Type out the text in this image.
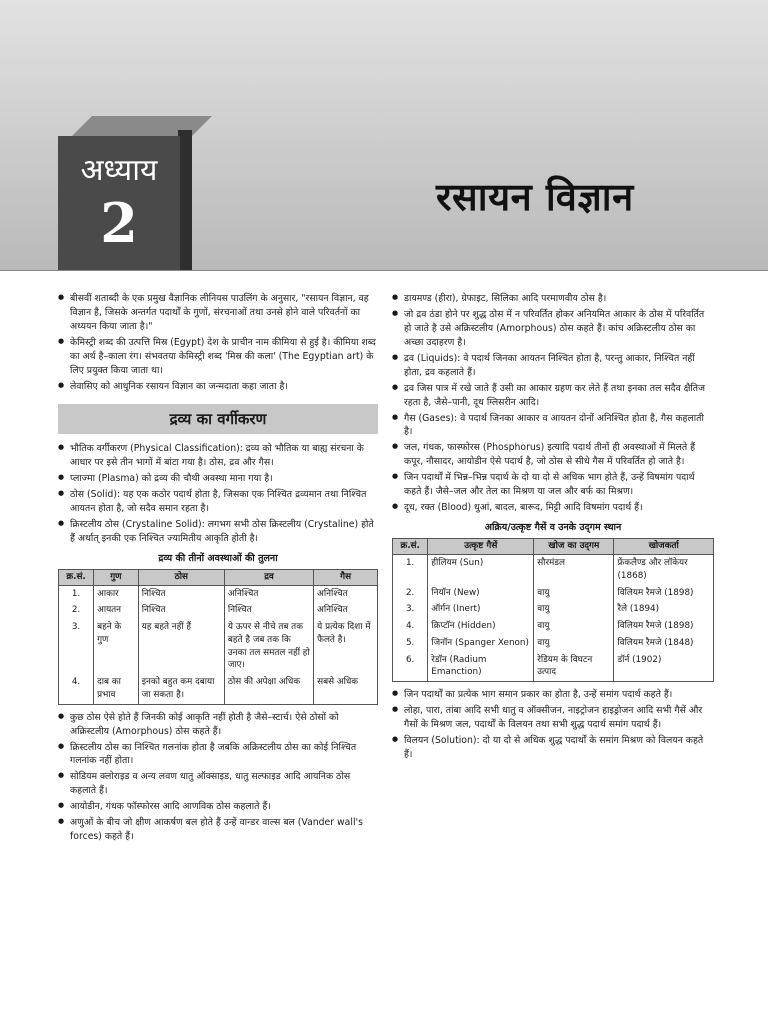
अध्याय
2	रसायन विज्ञान
● बीसवीं शताब्दी के एक प्रमुख वैज्ञानिक लीनियस पाउलिंग के अनुसार, "रसायन विज्ञान, वह विज्ञान है, जिसके अन्तर्गत पदार्थों के गुणों, संरचनाओं तथा उनसे होने वाले परिवर्तनों का अध्ययन किया जाता है।"
● केमिस्ट्री शब्द की उत्पत्ति मिस्र (Egypt) देश के प्राचीन नाम कीमिया से हुई है। कीमिया शब्द का अर्थ है–काला रंग। संभवतया केमिस्ट्री शब्द 'मिस्र की कला' (The Egyptian art) के लिए प्रयुक्त किया जाता था।
● लेवासिए को आधुनिक रसायन विज्ञान का जन्मदाता कहा जाता है।
द्रव्य का वर्गीकरण
● भौतिक वर्गीकरण (Physical Classification): द्रव्य को भौतिक या बाह्य संरचना के आधार पर इसे तीन भागों में बांटा गया है। ठोस, द्रव और गैस।
● प्लाज्मा (Plasma) को द्रव्य की चौथी अवस्था माना गया है।
● ठोस (Solid): यह एक कठोर पदार्थ होता है, जिसका एक निश्चित द्रव्यमान तथा निश्चित आयतन होता है, जो सदैव समान रहता है।
● क्रिस्टलीय ठोस (Crystaline Solid): लगभग सभी ठोस क्रिस्टलीय (Crystaline) होते हैं अर्थात् इनकी एक निश्चित ज्यामितीय आकृति होती है।
द्रव्य की तीनों अवस्थाओं की तुलना
क्र.सं.	गुण	ठोस	द्रव	गैस
1.	आकार	निश्चित	अनिश्चित	अनिश्चित
2.	आयतन	निश्चित	निश्चित	अनिश्चित
3.	बहने के गुण	यह बहते नहीं हैं	ये ऊपर से नीचे तब तक बहते है जब तक कि उनका तल समतल नहीं हो जाए।	ये प्रत्येक दिशा में फैलते है।
4.	दाब का प्रभाव	इनको बहुत कम दबाया जा सकता है।	ठोस की अपेक्षा अधिक	सबसे अधिक
● कुछ ठोस ऐसे होते हैं जिनकी कोई आकृति नहीं होती है जैसे–स्टार्च। ऐसे ठोसों को अक्रिस्टलीय (Amorphous) ठोस कहते हैं।
● क्रिस्टलीय ठोस का निश्चित गलनांक होता है जबकि अक्रिस्टलीय ठोस का कोई निश्चित गलनांक नहीं होता।
● सोडियम क्लोराइड व अन्य लवण धातु ऑक्साइड, धातु सल्फाइड आदि आयनिक ठोस कहलाते हैं।
● आयोडीन, गंधक फॉस्फोरस आदि आणविक ठोस कहलाते हैं।
● अणुओं के बीच जो क्षीण आकर्षण बल होते हैं उन्हें वान्डर वाल्स बल (Vander wall's forces) कहते हैं।
● डायमण्ड (हीरा), ग्रेफाइट, सिलिका आदि परमाणवीय ठोस है।
● जो द्रव ठंडा होने पर शुद्ध ठोस में न परिवर्तित होकर अनियमित आकार के ठोस में परिवर्तित हो जाते है उसे अक्रिस्टलीय (Amorphous) ठोस कहते हैं। कांच अक्रिस्टलीय ठोस का अच्छा उदाहरण है।
● द्रव (Liquids): वे पदार्थ जिनका आयतन निश्चित होता है, परन्तु आकार, निश्चित नहीं होता, द्रव कहलाते हैं।
● द्रव जिस पात्र में रखे जाते हैं उसी का आकार ग्रहण कर लेते हैं तथा इनका तल सदैव क्षैतिज रहता है, जैसे–पानी, दूध ग्लिसरीन आदि।
● गैस (Gases): वे पदार्थ जिनका आकार व आयतन दोनों अनिश्चित होता है, गैस कहलाती है।
● जल, गंधक, फास्फोरस (Phosphorus) इत्यादि पदार्थ तीनों ही अवस्थाओं में मिलते हैं कपूर, नौसादर, आयोडीन ऐसे पदार्थ है, जो ठोस से सीधे गैस में परिवर्तित हो जाते है।
● जिन पदार्थों में भिन्न–भिन्न पदार्थ के दो या दो से अधिक भाग होते हैं, उन्हें विषमांग पदार्थ कहते हैं। जैसे–जल और तेल का मिश्रण या जल और बर्फ का मिश्रण।
● दूध, रक्त (Blood) धुआं, बादल, बारूद, मिट्टी आदि विषमांग पदार्थ हैं।
अक्रिय/उत्कृष्ट गैसें व उनके उद्‌गम स्थान
क्र.सं.	उत्कृष्ट गैसें	खोज का उद्‌गम	खोजकर्ता
1.	हीलियम (Sun)	सौरमंडल	फ्रेंकलैण्ड और लॉकेयर (1868)
2.	नियॉन (New)	वायु	विलियम रैमजे (1898)
3.	ऑर्गन (Inert)	वायु	रैले (1894)
4.	क्रिप्टॉन (Hidden)	वायु	विलियम रैमजे (1898)
5.	जिनॉन (Spanger Xenon)	वायु	विलियम रैमजे (1848)
6.	रेडॉन (Radium Emanction)	रेडियम के विघटन उत्पाद	डॉर्न (1902)
● जिन पदार्थों का प्रत्येक भाग समान प्रकार का होता है, उन्हें समांग पदार्थ कहते हैं।
● लोहा, पारा, तांबा आदि सभी धातु व ऑक्सीजन, नाइट्रोजन हाइड्रोजन आदि सभी गैसें और गैसों के मिश्रण जल, पदार्थों के विलयन तथा सभी शुद्ध पदार्थ समांग पदार्थ हैं।
● विलयन (Solution): दो या दो से अधिक शुद्ध पदार्थों के समांग मिश्रण को विलयन कहते हैं।
